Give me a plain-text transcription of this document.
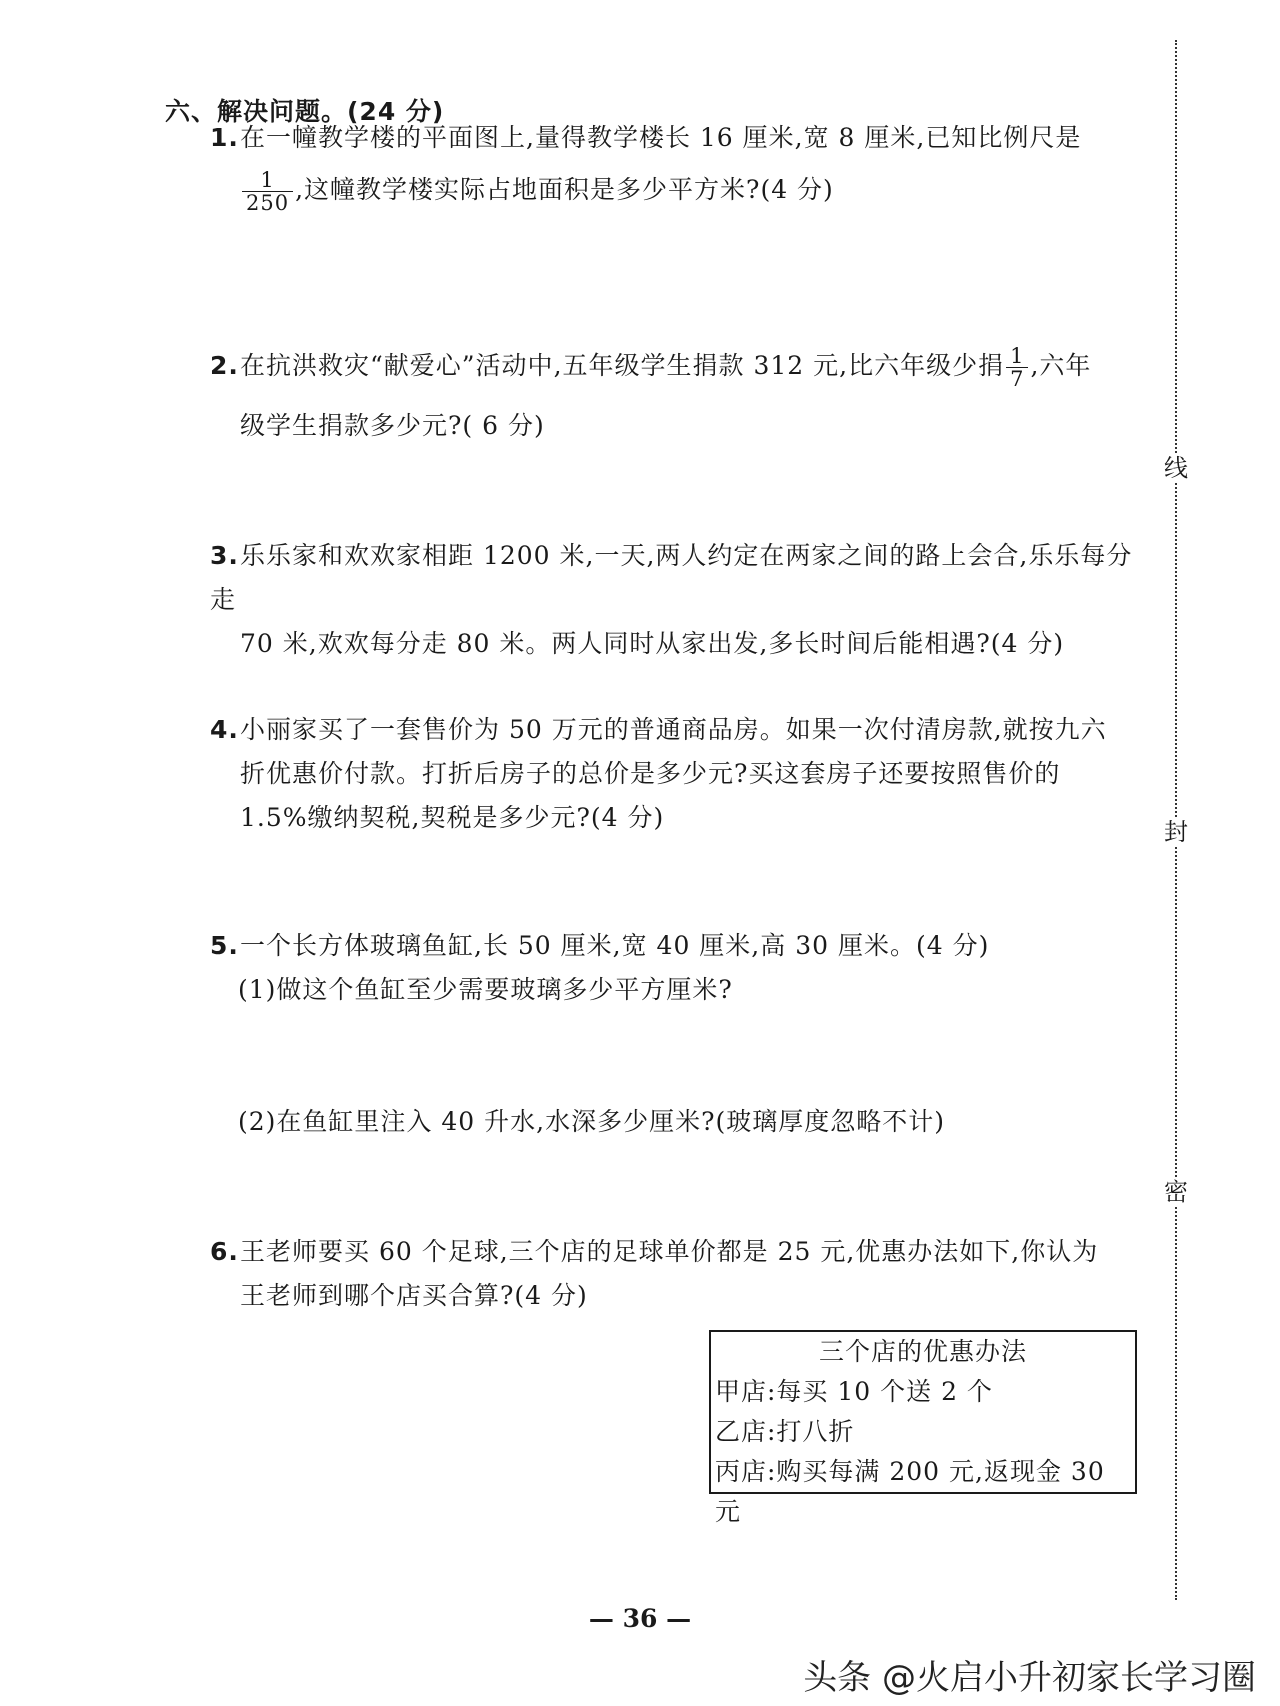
六、解决问题。(24 分)
1.在一幢教学楼的平面图上,量得教学楼长 16 厘米,宽 8 厘米,已知比例尺是
$\frac{1}{250}$ ,这幢教学楼实际占地面积是多少平方米?(4 分)
2.在抗洪救灾“献爱心”活动中,五年级学生捐款 312 元,比六年级少捐 $\frac{1}{7}$ ,六年
级学生捐款多少元?( 6 分)
3.乐乐家和欢欢家相距 1200 米,一天,两人约定在两家之间的路上会合,乐乐每分走
70 米,欢欢每分走 80 米。两人同时从家出发,多长时间后能相遇?(4 分)
4.小丽家买了一套售价为 50 万元的普通商品房。如果一次付清房款,就按九六
折优惠价付款。打折后房子的总价是多少元?买这套房子还要按照售价的
1.5%缴纳契税,契税是多少元?(4 分)
5.一个长方体玻璃鱼缸,长 50 厘米,宽 40 厘米,高 30 厘米。(4 分)
(1)做这个鱼缸至少需要玻璃多少平方厘米?
(2)在鱼缸里注入 40 升水,水深多少厘米?(玻璃厚度忽略不计)
6.王老师要买 60 个足球,三个店的足球单价都是 25 元,优惠办法如下,你认为
王老师到哪个店买合算?(4 分)
三个店的优惠办法
甲店:每买 10 个送 2 个
乙店:打八折
丙店:购买每满 200 元,返现金 30 元
线
封
密
— 36 —
头条 @火启小升初家长学习圈
